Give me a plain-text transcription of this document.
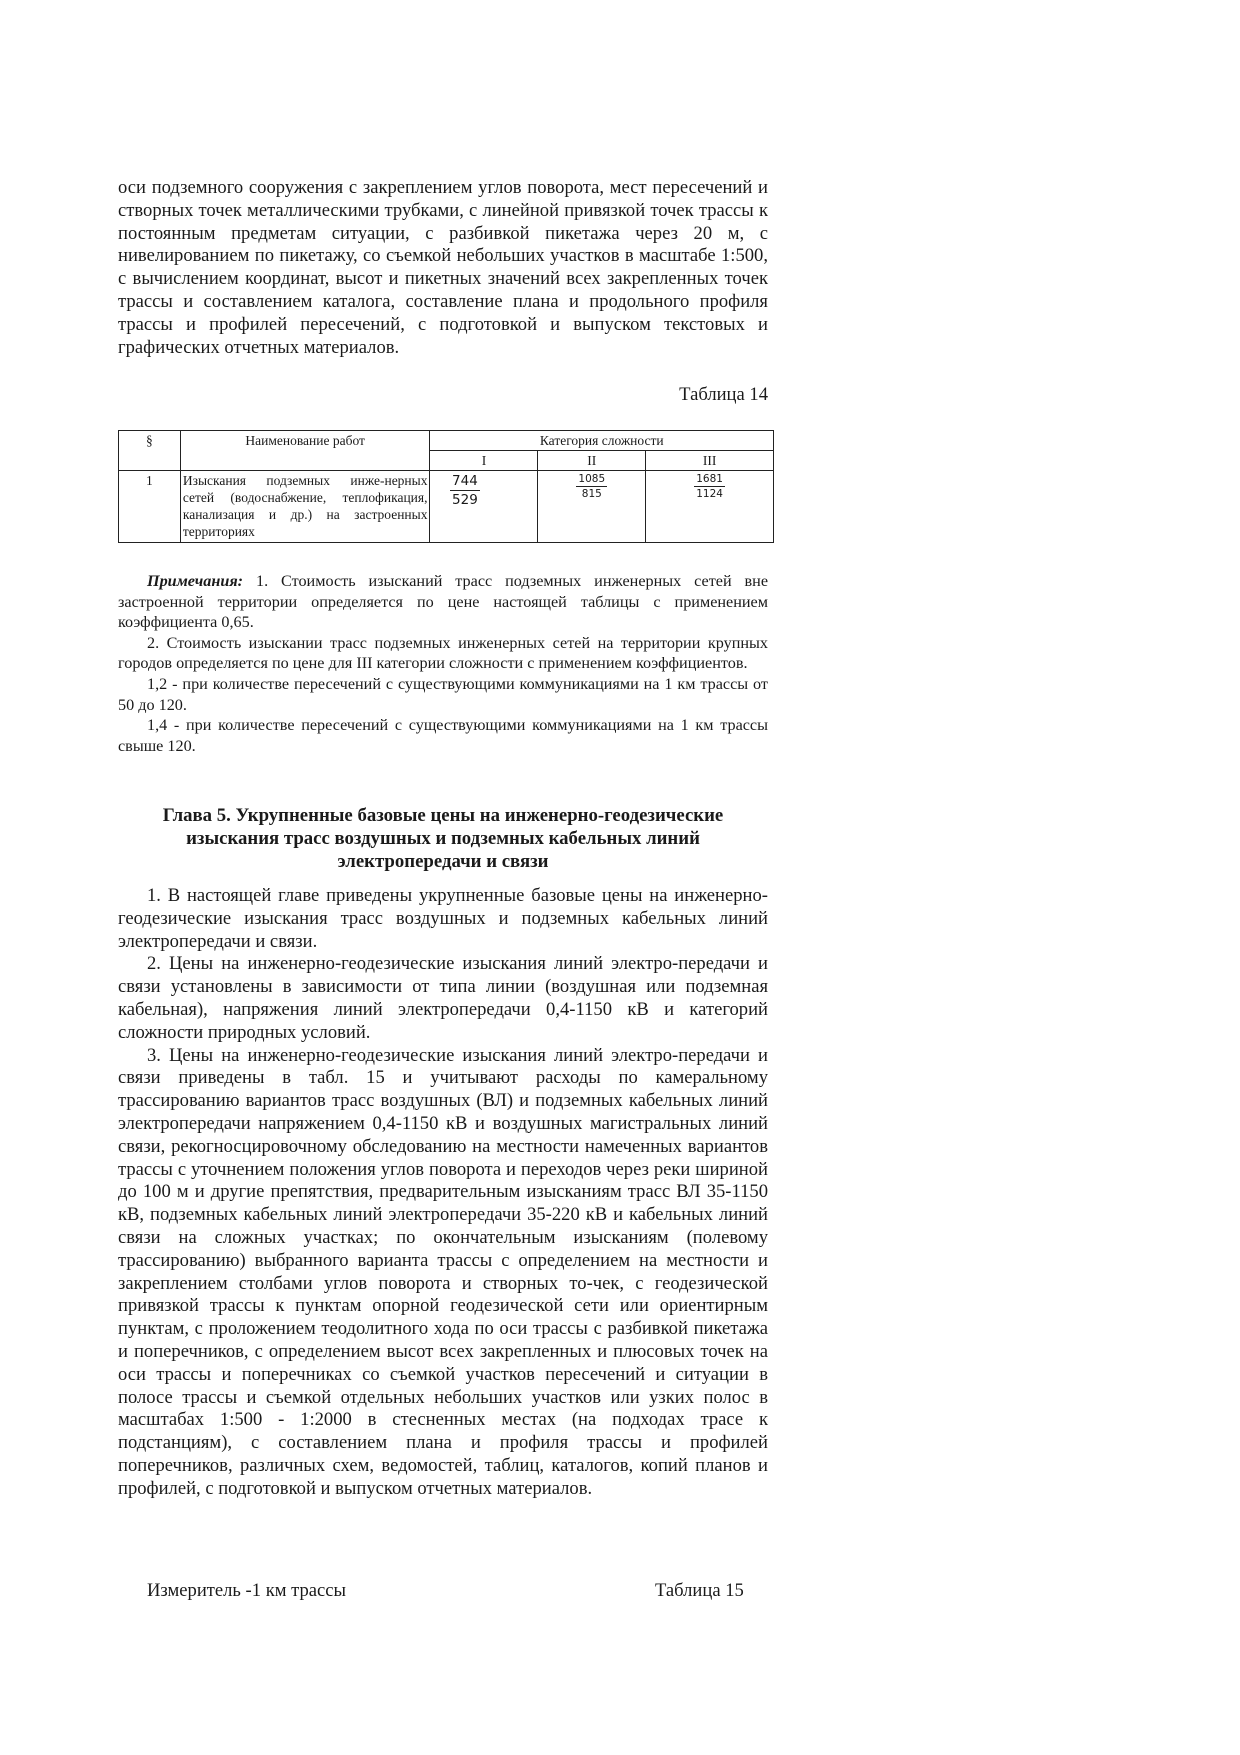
оси подземного сооружения с закреплением углов поворота, мест пересечений и створных точек металлическими трубками, с линейной привязкой точек трассы к постоянным предметам ситуации, с разбивкой пикетажа через 20 м, с нивелированием по пикетажу, со съемкой небольших участков в масштабе 1:500, с вычислением координат, высот и пикетных значений всех закрепленных точек трассы и составлением каталога, составление плана и продольного профиля трассы и профилей пересечений, с подготовкой и выпуском текстовых и графических отчетных материалов.

Таблица 14
§	Наименование работ	Категория сложности		
		I	II	III
1	Изыскания подземных инже-нерных сетей (водоснабжение, теплофикация, канализация и др.) на застроенных территориях	$\frac{744}{529}$	$\frac{1085}{815}$	$\frac{1681}{1124}$

Примечания: 1. Стоимость изысканий трасс подземных инженерных сетей вне застроенной территории определяется по цене настоящей таблицы с применением коэффициента 0,65.

2. Стоимость изыскании трасс подземных инженерных сетей на территории крупных городов определяется по цене для III категории сложности с применением коэффициентов.

1,2 - при количестве пересечений с существующими коммуникациями на 1 км трассы от 50 до 120.

1,4 - при количестве пересечений с существующими коммуникациями на 1 км трассы свыше 120.

Глава 5. Укрупненные базовые цены на инженерно-геодезические изыскания трасс воздушных и подземных кабельных линий электропередачи и связи

1. В настоящей главе приведены укрупненные базовые цены на инженерно-геодезические изыскания трасс воздушных и подземных кабельных линий электропередачи и связи.

2. Цены на инженерно-геодезические изыскания линий электро-передачи и связи установлены в зависимости от типа линии (воздушная или подземная кабельная), напряжения линий электропередачи 0,4-1150 кВ и категорий сложности природных условий.

3. Цены на инженерно-геодезические изыскания линий электро-передачи и связи приведены в табл. 15 и учитывают расходы по камеральному трассированию вариантов трасс воздушных (ВЛ) и подземных кабельных линий электропередачи напряжением 0,4-1150 кВ и воздушных магистральных линий связи, рекогносцировочному обследованию на местности намеченных вариантов трассы с уточнением положения углов поворота и переходов через реки шириной до 100 м и другие препятствия, предварительным изысканиям трасс ВЛ 35-1150 кВ, подземных кабельных линий электропередачи 35-220 кВ и кабельных линий связи на сложных участках; по окончательным изысканиям (полевому трассированию) выбранного варианта трассы с определением на местности и закреплением столбами углов поворота и створных то-чек, с геодезической привязкой трассы к пунктам опорной геодезической сети или ориентирным пунктам, с проложением теодолитного хода по оси трассы с разбивкой пикетажа и поперечников, с определением высот всех закрепленных и плюсовых точек на оси трассы и поперечниках со съемкой участков пересечений и ситуации в полосе трассы и съемкой отдельных небольших участков или узких полос в масштабах 1:500 - 1:2000 в стесненных местах (на подходах трасе к подстанциям), с составлением плана и профиля трассы и профилей поперечников, различных схем, ведомостей, таблиц, каталогов, копий планов и профилей, с подготовкой и выпуском отчетных материалов.

Измеритель -1 км трассы	Таблица 15
